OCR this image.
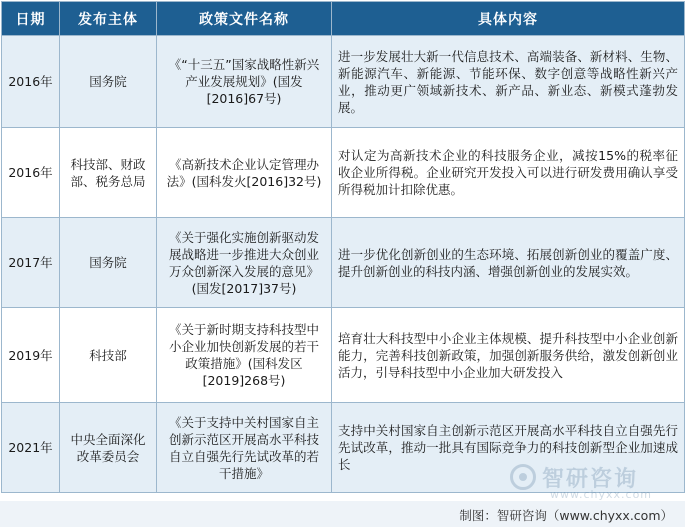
日期	发布主体	政策文件名称	具体内容
2016年	国务院	《“十三五”国家战略性新兴产业发展规划》(国发[2016]67号)	进一步发展壮大新一代信息技术、高端装备、新材料、生物、新能源汽车、新能源、节能环保、数字创意等战略性新兴产业，推动更广领域新技术、新产品、新业态、新模式蓬勃发展。
2016年	科技部、财政部、税务总局	《高新技术企业认定管理办法》(国科发火[2016]32号)	对认定为高新技术企业的科技服务企业，减按15%的税率征收企业所得税。企业研究开发投入可以进行研发费用确认享受所得税加计扣除优惠。
2017年	国务院	《关于强化实施创新驱动发展战略进一步推进大众创业万众创新深入发展的意见》(国发[2017]37号)	进一步优化创新创业的生态环境、拓展创新创业的覆盖广度、提升创新创业的科技内涵、增强创新创业的发展实效。
2019年	科技部	《关于新时期支持科技型中小企业加快创新发展的若干政策措施》(国科发区[2019]268号)	培育壮大科技型中小企业主体规模、提升科技型中小企业创新能力，完善科技创新政策，加强创新服务供给，激发创新创业活力，引导科技型中小企业加大研发投入
2021年	中央全面深化改革委员会	《关于支持中关村国家自主创新示范区开展高水平科技自立自强先行先试改革的若干措施》	支持中关村国家自主创新示范区开展高水平科技自立自强先行先试改革，推动一批具有国际竞争力的科技创新型企业加速成长
智研咨询
www.chyxx.com
制图：智研咨询（www.chyxx.com）
